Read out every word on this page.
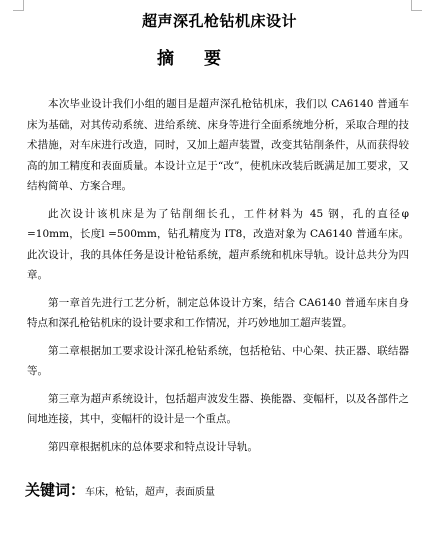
超声深孔枪钻机床设计
摘 要

本次毕业设计我们小组的题目是超声深孔枪钻机床，我们以 CA6140 普通车床为基础，对其传动系统、进给系统、床身等进行全面系统地分析，采取合理的技术措施，对车床进行改造，同时，又加上超声装置，改变其钻削条件，从而获得较高的加工精度和表面质量。本设计立足于“改”，使机床改装后既满足加工要求，又结构简单、方案合理。

此次设计该机床是为了钻削细长孔，工件材料为 45 钢，孔的直径φ =10mm，长度l =500mm，钻孔精度为 IT8，改造对象为 CA6140 普通车床。此次设计，我的具体任务是设计枪钻系统，超声系统和机床导轨。设计总共分为四章。

第一章首先进行工艺分析，制定总体设计方案，结合 CA6140 普通车床自身特点和深孔枪钻机床的设计要求和工作情况，并巧妙地加工超声装置。

第二章根据加工要求设计深孔枪钻系统，包括枪钻、中心架、扶正器、联结器等。

第三章为超声系统设计，包括超声波发生器、换能器、变幅杆，以及各部件之间地连接，其中，变幅杆的设计是一个重点。

第四章根据机床的总体要求和特点设计导轨。

关键词：车床，枪钻，超声，表面质量
